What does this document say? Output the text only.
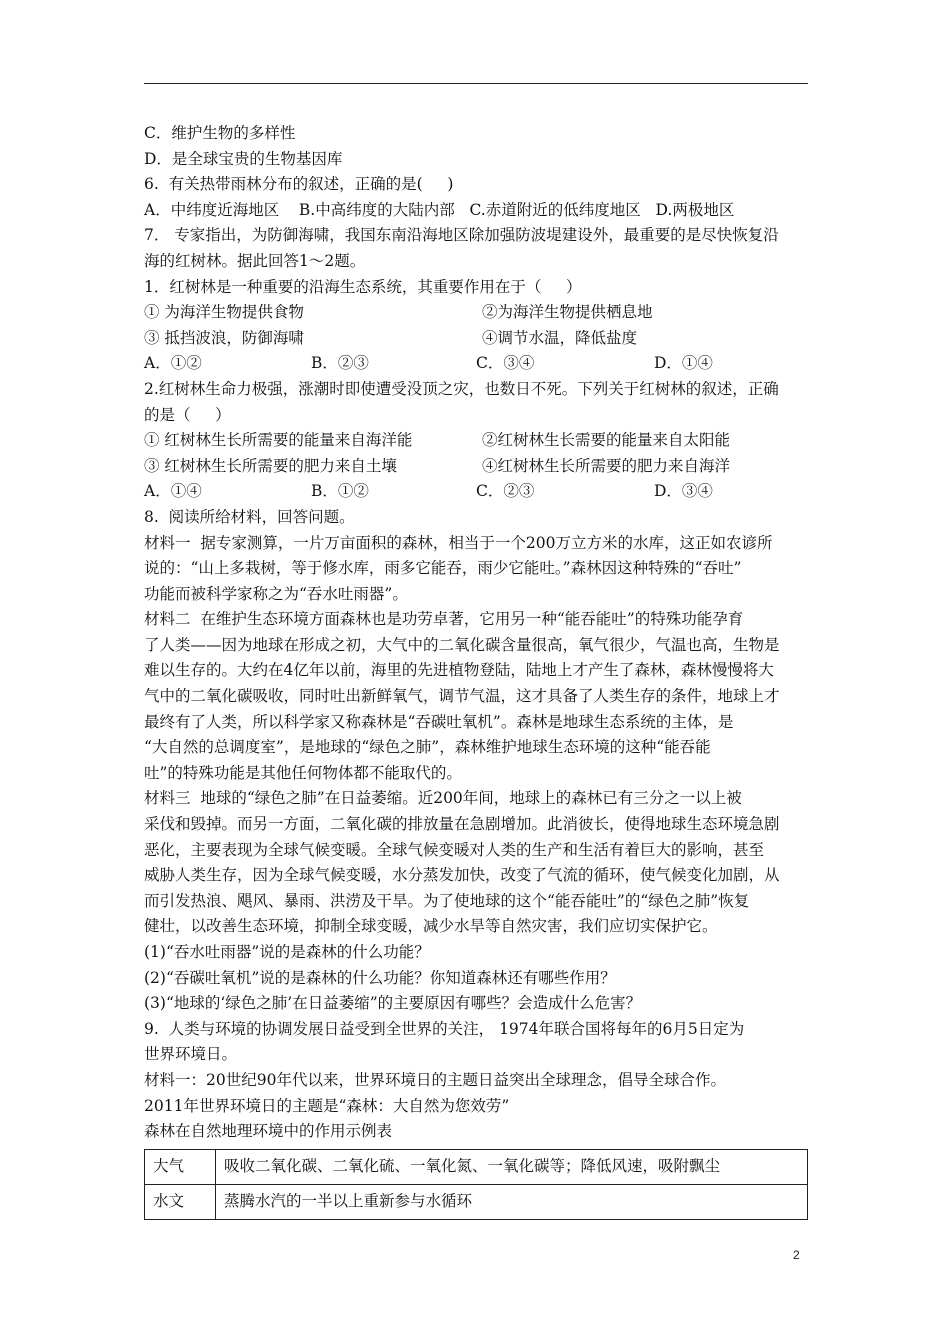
C．维护生物的多样性
D．是全球宝贵的生物基因库
6.  有关热带雨林分布的叙述，正确的是(     )
A．中纬度近海地区    B.中高纬度的大陆内部   C.赤道附近的低纬度地区   D.两极地区
7． 专家指出，为防御海啸，我国东南沿海地区除加强防波堤建设外，最重要的是尽快恢复沿
海的红树林。据此回答1～2题。
1．红树林是一种重要的沿海生态系统，其重要作用在于（     ）
① 为海洋生物提供食物	②为海洋生物提供栖息地
③ 抵挡波浪，防御海啸	④调节水温，降低盐度
A．①②	B．②③	C．③④	D．①④
2.红树林生命力极强，涨潮时即使遭受没顶之灾，也数日不死。下列关于红树林的叙述，正确
的是（     ）
① 红树林生长所需要的能量来自海洋能	②红树林生长需要的能量来自太阳能
③ 红树林生长所需要的肥力来自土壤	④红树林生长所需要的肥力来自海洋
A．①④	B．①②	C．②③	D．③④
8.  阅读所给材料，回答问题。
材料一  据专家测算，一片万亩面积的森林，相当于一个200万立方米的水库，这正如农谚所
说的：“山上多栽树，等于修水库，雨多它能吞，雨少它能吐。”森林因这种特殊的“吞吐”
功能而被科学家称之为“吞水吐雨器”。
材料二  在维护生态环境方面森林也是功劳卓著，它用另一种“能吞能吐”的特殊功能孕育
了人类——因为地球在形成之初，大气中的二氧化碳含量很高，氧气很少，气温也高，生物是
难以生存的。大约在4亿年以前，海里的先进植物登陆，陆地上才产生了森林，森林慢慢将大
气中的二氧化碳吸收，同时吐出新鲜氧气，调节气温，这才具备了人类生存的条件，地球上才
最终有了人类，所以科学家又称森林是“吞碳吐氧机”。森林是地球生态系统的主体，是
“大自然的总调度室”，是地球的“绿色之肺”，森林维护地球生态环境的这种“能吞能
吐”的特殊功能是其他任何物体都不能取代的。
材料三  地球的“绿色之肺”在日益萎缩。近200年间，地球上的森林已有三分之一以上被
采伐和毁掉。而另一方面，二氧化碳的排放量在急剧增加。此消彼长，使得地球生态环境急剧
恶化，主要表现为全球气候变暖。全球气候变暖对人类的生产和生活有着巨大的影响，甚至
威胁人类生存，因为全球气候变暖，水分蒸发加快，改变了气流的循环，使气候变化加剧，从
而引发热浪、飓风、暴雨、洪涝及干旱。为了使地球的这个“能吞能吐”的“绿色之肺”恢复
健壮，以改善生态环境，抑制全球变暖，减少水旱等自然灾害，我们应切实保护它。
(1)“吞水吐雨器”说的是森林的什么功能？
(2)“吞碳吐氧机”说的是森林的什么功能？你知道森林还有哪些作用？
(3)“地球的‘绿色之肺’在日益萎缩”的主要原因有哪些？会造成什么危害？
9.  人类与环境的协调发展日益受到全世界的关注， 1974年联合国将每年的6月5日定为
世界环境日。
材料一：20世纪90年代以来，世界环境日的主题日益突出全球理念，倡导全球合作。
2011年世界环境日的主题是“森林：大自然为您效劳”
森林在自然地理环境中的作用示例表
大气	吸收二氧化碳、二氧化硫、一氧化氮、一氧化碳等；降低风速，吸附飘尘
水文	蒸腾水汽的一半以上重新参与水循环
2
